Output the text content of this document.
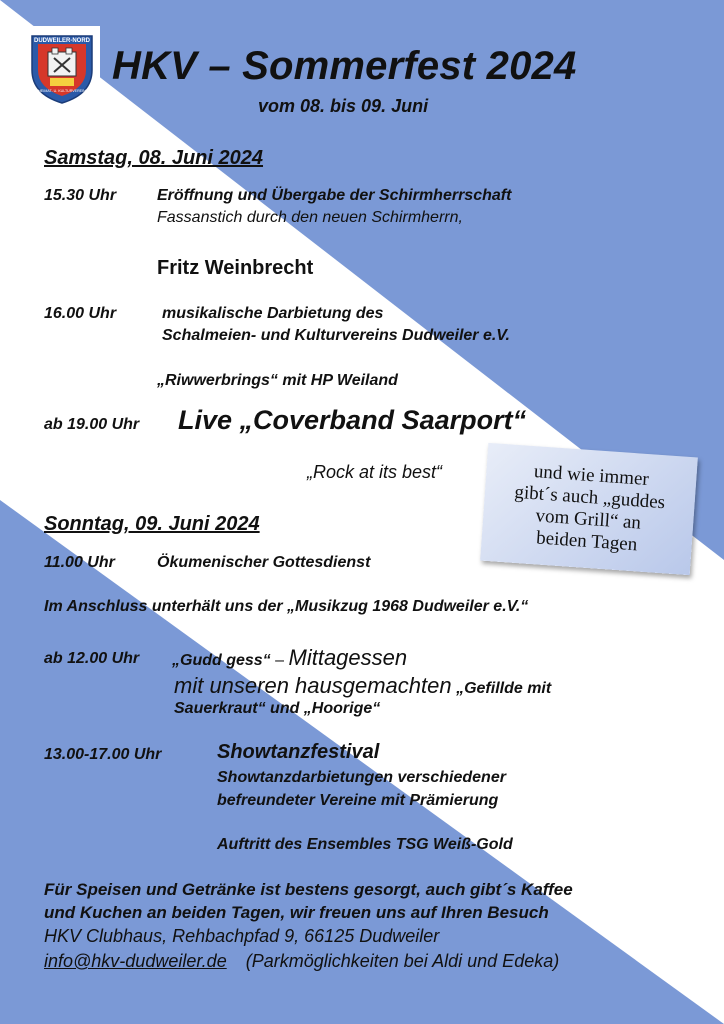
DUDWEILER-NORD
HEIMAT- U. KULTURVEREIN
HKV – Sommerfest 2024
vom 08. bis 09. Juni
Samstag, 08. Juni 2024
15.30 Uhr	Eröffnung und Übergabe der Schirmherrschaft
Fassanstich durch den neuen Schirmherrn,
Fritz Weinbrecht
16.00 Uhr	musikalische Darbietung des
Schalmeien- und Kulturvereins Dudweiler e.V.
„Riwwerbrings“ mit HP Weiland
ab 19.00 Uhr Live „Coverband Saarport“
„Rock at its best“	und wie immer
gibt´s auch „guddes
vom Grill“ an
beiden Tagen
Sonntag, 09. Juni 2024
11.00 Uhr	Ökumenischer Gottesdienst
Im Anschluss unterhält uns der „Musikzug 1968 Dudweiler e.V.“
ab 12.00 Uhr „Gudd gess“ – Mittagessen
mit unseren hausgemachten „Gefillde mit
Sauerkraut“ und „Hoorige“
13.00-17.00 Uhr	Showtanzfestival
Showtanzdarbietungen verschiedener
befreundeter Vereine mit Prämierung
Auftritt des Ensembles TSG Weiß-Gold
Für Speisen und Getränke ist bestens gesorgt, auch gibt´s Kaffee
und Kuchen an beiden Tagen, wir freuen uns auf Ihren Besuch
HKV Clubhaus, Rehbachpfad 9, 66125 Dudweiler
info@hkv-dudweiler.de (Parkmöglichkeiten bei Aldi und Edeka)
